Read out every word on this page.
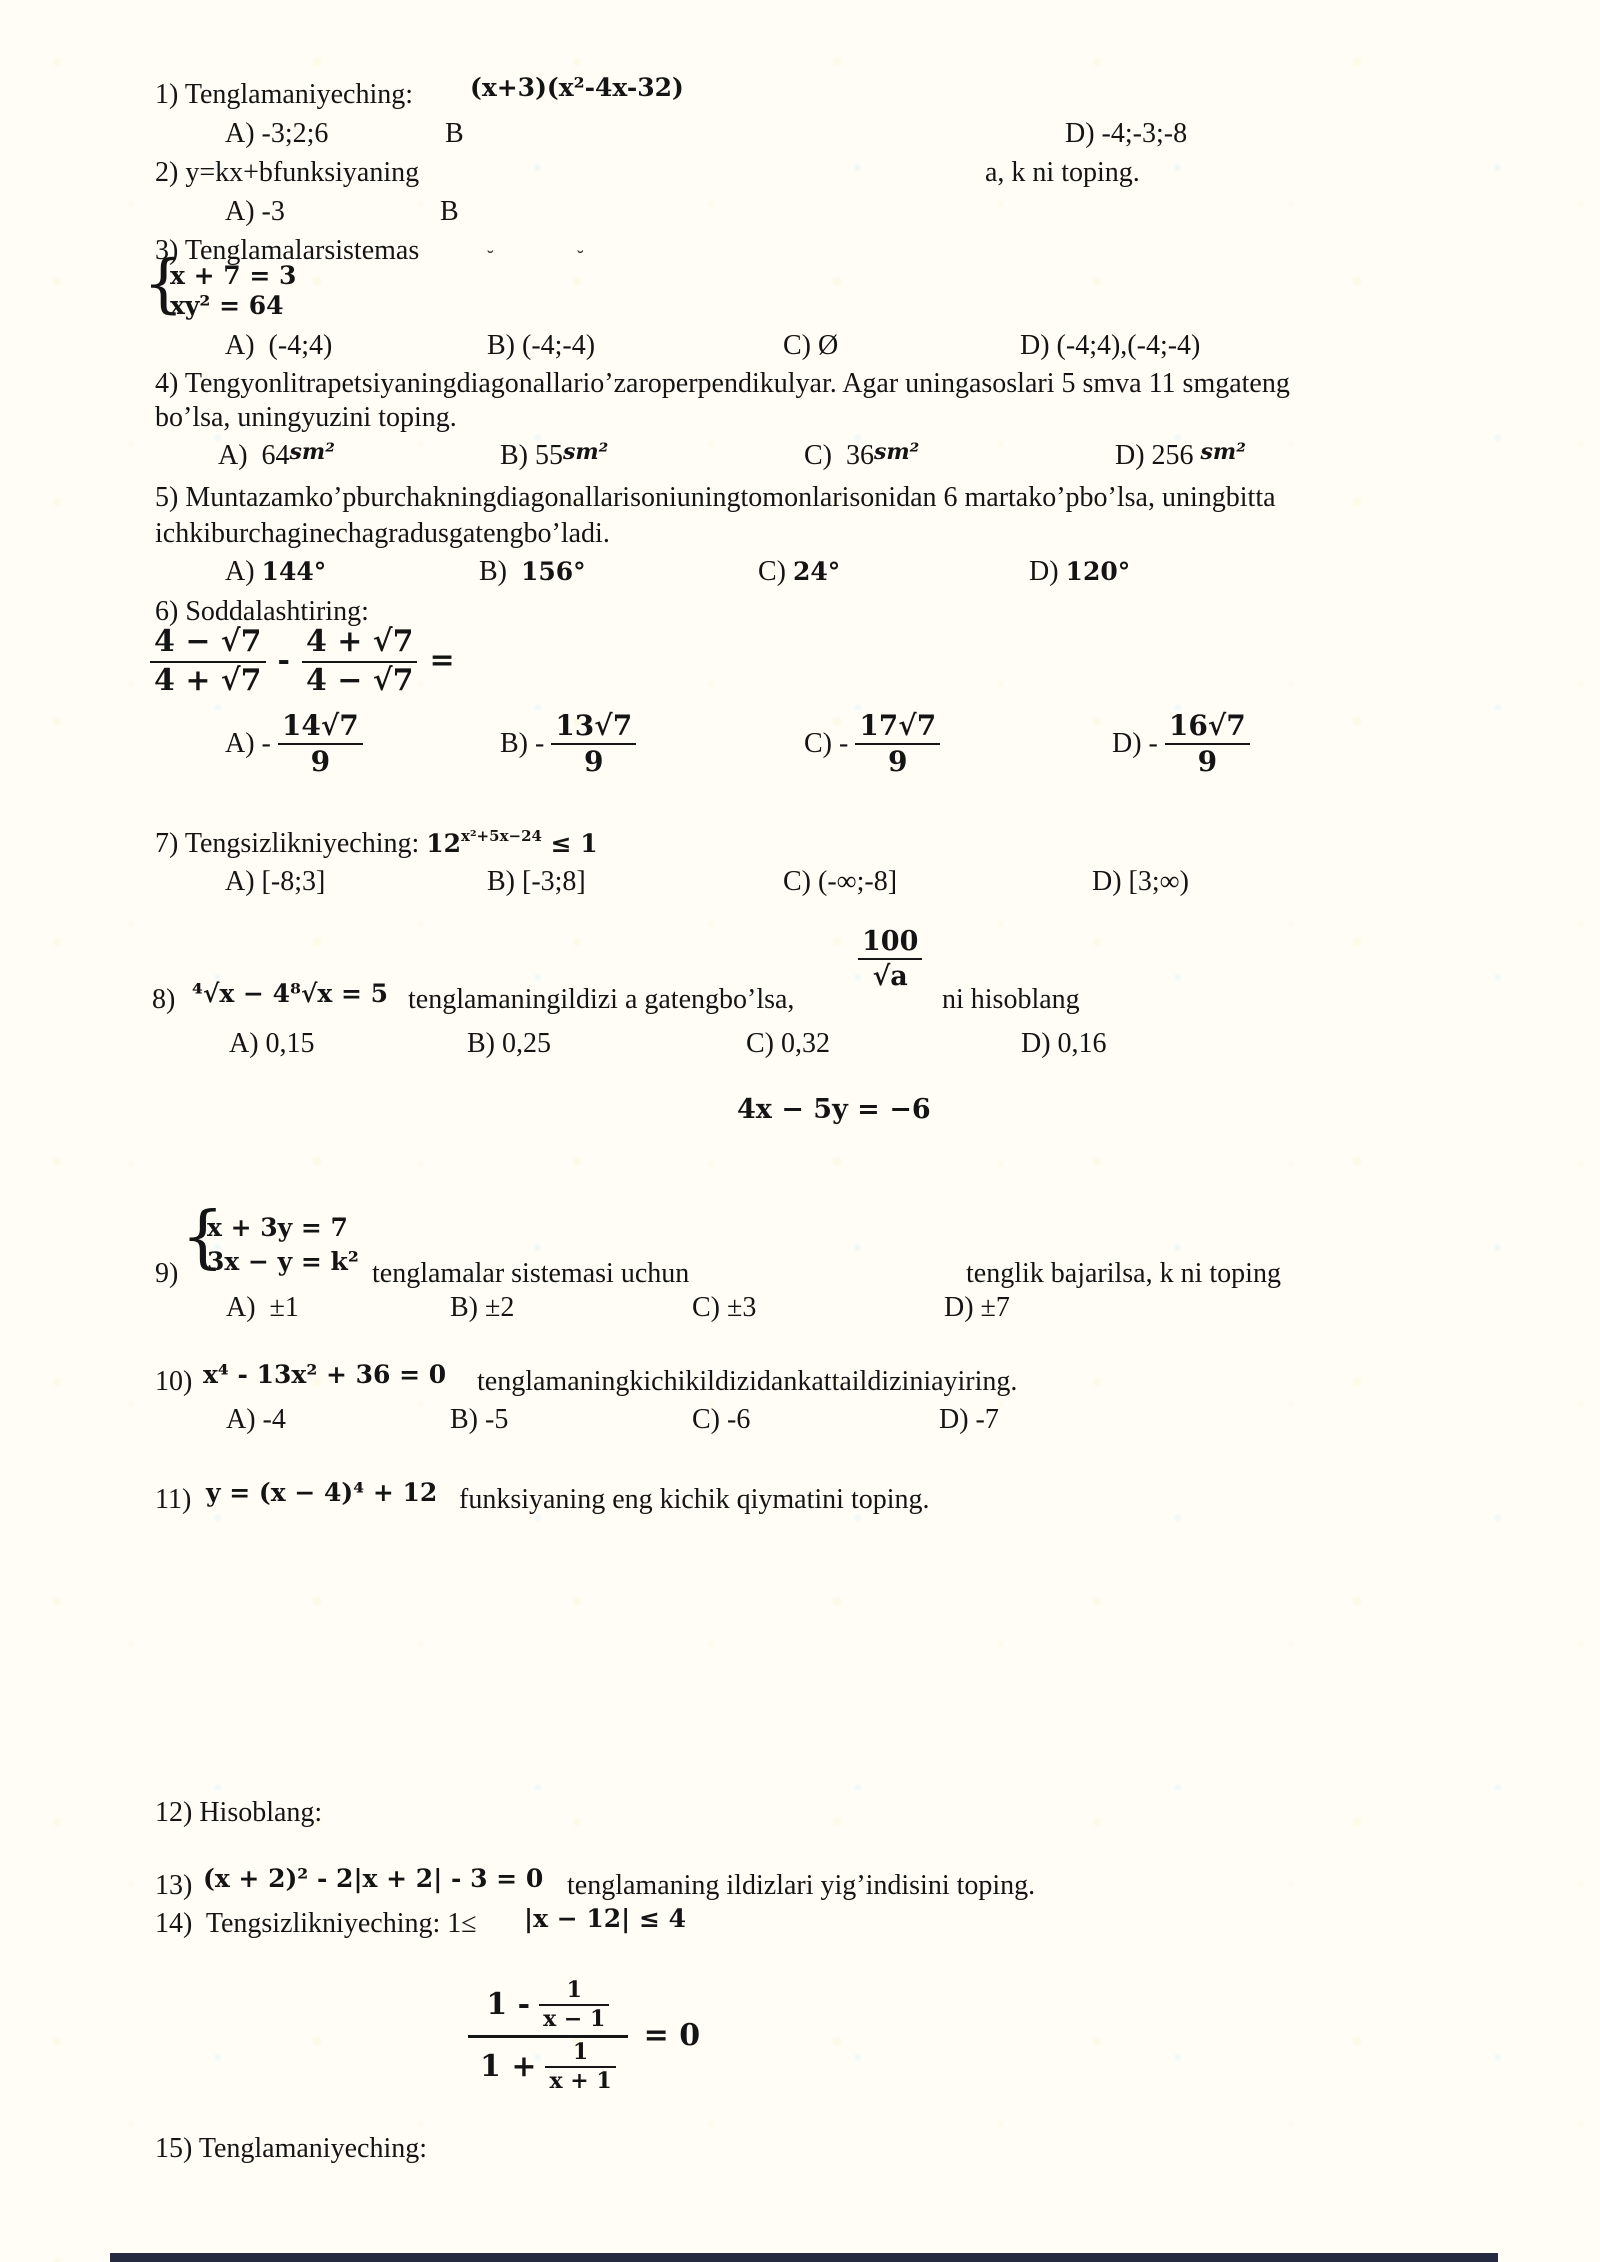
1) Tenglamaniyeching: (x+3)(x²-4x-32)
A) -3;2;6	B	D) -4;-3;-8
2) y=kx+bfunksiyaning	a, k ni toping.
A) -3	B
3) Tenglamalarsistemas	˘	˘
{
x + 7 = 3
xy² = 64
A)  (-4;4)	B) (-4;-4)	C) Ø	D) (-4;4),(-4;-4)
4) Tengyonlitrapetsiyaningdiagonallario’zaroperpendikulyar. Agar uningasoslari 5 smva 11 smgateng
bo’lsa, uningyuzini toping.
A)  64sm²	B) 55sm²	C)  36sm²	D) 256 sm²
5) Muntazamko’pburchakningdiagonallarisoniuningtomonlarisonidan 6 martako’pbo’lsa, uningbitta
ichkiburchaginechagradusgatengbo’ladi.
A) 144°	B)  156°	C) 24°	D) 120°
6) Soddalashtiring:
$\frac{4 - √7}{4 + √7} - \frac{4 + √7}{4 - √7}$ =
$A) - \frac{14√7}{9}$	$B) - \frac{13√7}{9}$	$C) - \frac{17√7}{9}$	$D) - \frac{16√7}{9}$
7) Tengsizlikniyeching: $12^{x^2+5x-24} \le 1$
A) [-8;3]	B) [-3;8]	C) (-∞;-8]	D) [3;∞)
$\frac{100}{√a}$
8) ⁴√x − 4⁸√x = 5 tenglamaningildizi a gatengbo’lsa,	ni hisoblang
A) 0,15	B) 0,25	C) 0,32	D) 0,16
4x − 5y = −6
{
x + 3y = 7
3x − y = k²
9)	tenglamalar sistemasi uchun	tenglik bajarilsa, k ni toping
A)  ±1	B) ±2	C) ±3	D) ±7
10) x⁴ - 13x² + 36 = 0 tenglamaningkichikildizidankattaildiziniayiring.
A) -4	B) -5	C) -6	D) -7
11) y = (x − 4)⁴ + 12 funksiyaning eng kichik qiymatini toping.
12) Hisoblang:
13) (x + 2)² - 2|x + 2| - 3 = 0 tenglamaning ildizlari yig’indisini toping.
14)  Tengsizlikniyeching: 1≤ |x − 12| ≤ 4
$\frac{1 - \frac{1}{x - 1}}{1 + \frac{1}{x + 1}} = 0$
15) Tenglamaniyeching:
